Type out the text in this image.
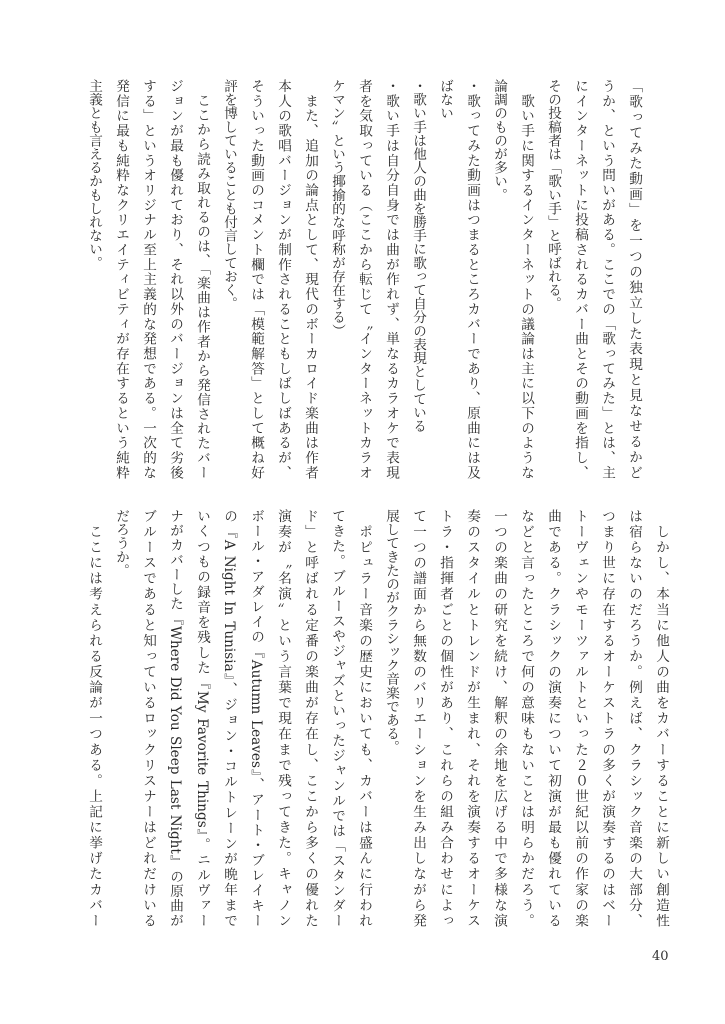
「歌ってみた動画」を一つの独立した表現と見なせるかど
うか、という問いがある。ここでの「歌ってみた」とは、主
にインターネットに投稿されるカバー曲とその動画を指し、
その投稿者は「歌い手」と呼ばれる。
　歌い手に関するインターネットの議論は主に以下のような
論調のものが多い。
・歌ってみた動画はつまるところカバーであり、原曲には及
ばない
・歌い手は他人の曲を勝手に歌って自分の表現としている
・歌い手は自分自身では曲が作れず、単なるカラオケで表現
者を気取っている（ここから転じて〝インターネットカラオ
ケマン〟という揶揄的な呼称が存在する）
　また、追加の論点として、現代のボーカロイド楽曲は作者
本人の歌唱バージョンが制作されることもしばしばあるが、
そういった動画のコメント欄では「模範解答」として概ね好
評を博していることも付言しておく。
　ここから読み取れるのは、「楽曲は作者から発信されたバー
ジョンが最も優れており、それ以外のバージョンは全て劣後
する」というオリジナル至上主義的な発想である。一次的な
発信に最も純粋なクリエイティビティが存在するという純粋
主義とも言えるかもしれない。
　しかし、本当に他人の曲をカバーすることに新しい創造性
は宿らないのだろうか。例えば、クラシック音楽の大部分、
つまり世に存在するオーケストラの多くが演奏するのはベー
トーヴェンやモーツァルトといった２０世紀以前の作家の楽
曲である。クラシックの演奏について初演が最も優れている
などと言ったところで何の意味もないことは明らかだろう。
一つの楽曲の研究を続け、解釈の余地を広げる中で多様な演
奏のスタイルとトレンドが生まれ、それを演奏するオーケス
トラ・指揮者ごとの個性があり、これらの組み合わせによっ
て一つの譜面から無数のバリエーションを生み出しながら発
展してきたのがクラシック音楽である。
　ポピュラー音楽の歴史においても、カバーは盛んに行われ
てきた。ブルースやジャズといったジャンルでは「スタンダー
ド」と呼ばれる定番の楽曲が存在し、ここから多くの優れた
演奏が〝名演〟という言葉で現在まで残ってきた。キャノン
ボール・アダレイの『Autumn Leaves』、アート・ブレイキー
の『A Night In Tunisia』、ジョン・コルトレーンが晩年まで
いくつもの録音を残した『My Favorite Things』。ニルヴァー
ナがカバーした『Where Did You Sleep Last Night』の原曲が
ブルースであると知っているロックリスナーはどれだけいる
だろうか。
　ここには考えられる反論が一つある。上記に挙げたカバー
40
